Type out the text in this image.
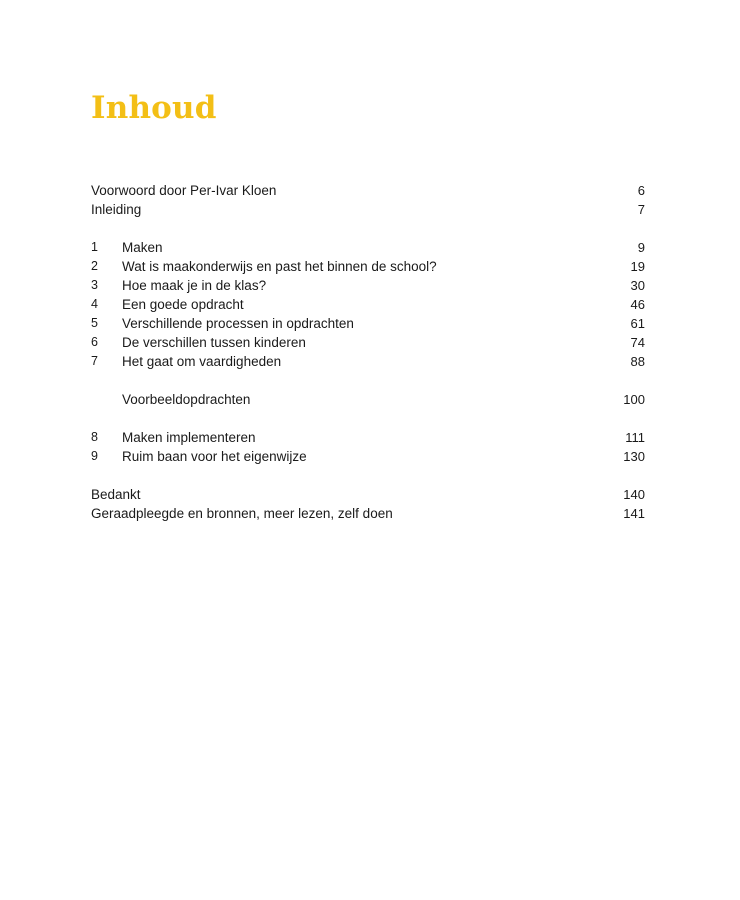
Inhoud
Voorwoord door Per-Ivar Kloen	6
Inleiding	7
1 Maken	9
2 Wat is maakonderwijs en past het binnen de school?	19
3 Hoe maak je in de klas?	30
4 Een goede opdracht	46
5 Verschillende processen in opdrachten	61
6 De verschillen tussen kinderen	74
7 Het gaat om vaardigheden	88
Voorbeeldopdrachten	100
8 Maken implementeren	111
9 Ruim baan voor het eigenwijze	130
Bedankt	140
Geraadpleegde en bronnen, meer lezen, zelf doen	141
